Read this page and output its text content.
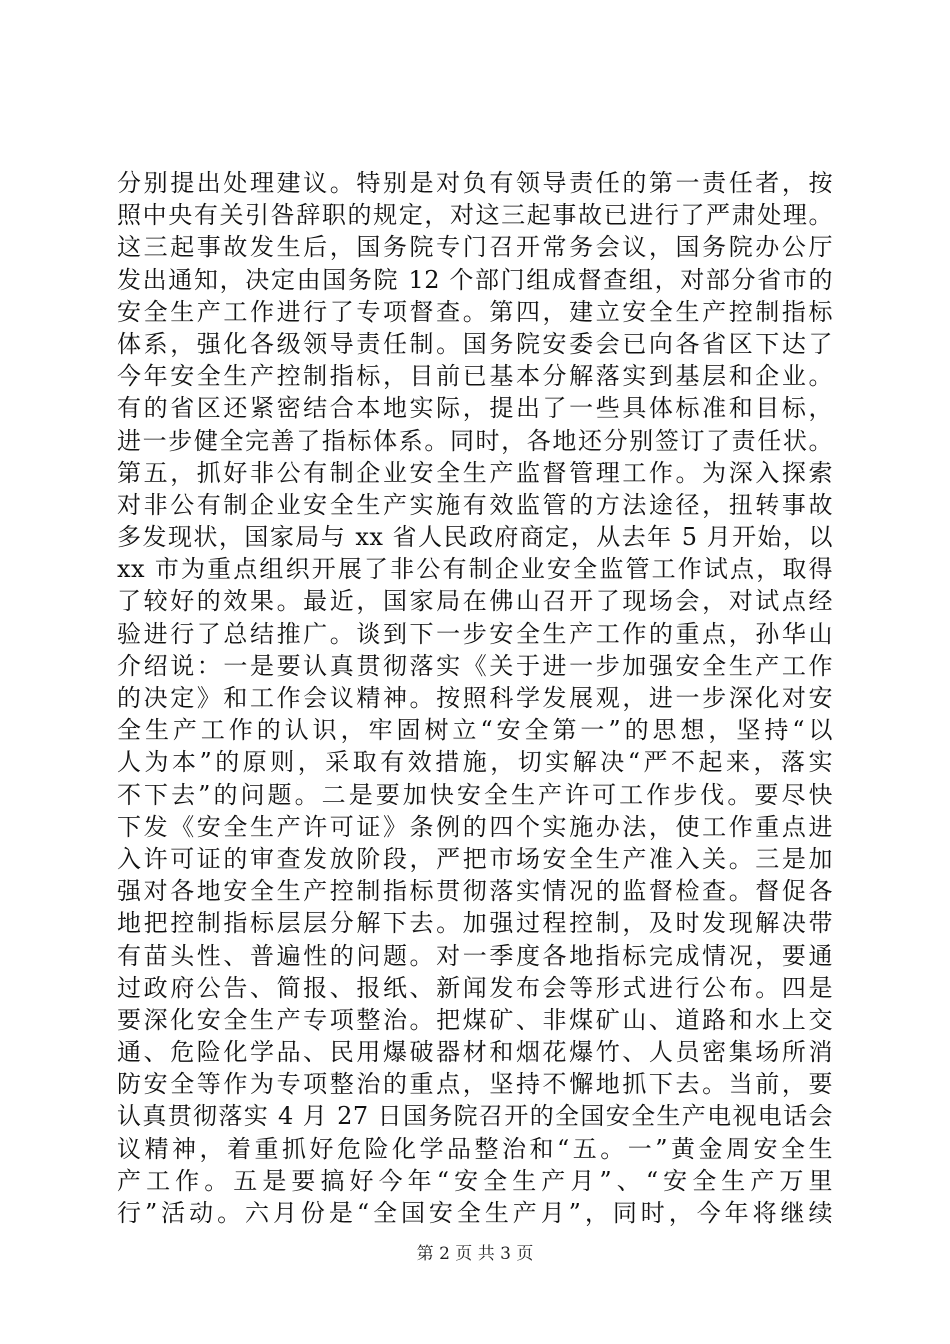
分别提出处理建议。特别是对负有领导责任的第一责任者，按
照中央有关引咎辞职的规定，对这三起事故已进行了严肃处理。
这三起事故发生后，国务院专门召开常务会议，国务院办公厅
发出通知，决定由国务院 12 个部门组成督查组，对部分省市的
安全生产工作进行了专项督查。第四，建立安全生产控制指标
体系，强化各级领导责任制。国务院安委会已向各省区下达了
今年安全生产控制指标，目前已基本分解落实到基层和企业。
有的省区还紧密结合本地实际，提出了一些具体标准和目标，
进一步健全完善了指标体系。同时，各地还分别签订了责任状。
第五，抓好非公有制企业安全生产监督管理工作。为深入探索
对非公有制企业安全生产实施有效监管的方法途径，扭转事故
多发现状，国家局与 xx 省人民政府商定，从去年 5 月开始，以
xx 市为重点组织开展了非公有制企业安全监管工作试点，取得
了较好的效果。最近，国家局在佛山召开了现场会，对试点经
验进行了总结推广。谈到下一步安全生产工作的重点，孙华山
介绍说：一是要认真贯彻落实《关于进一步加强安全生产工作
的决定》和工作会议精神。按照科学发展观，进一步深化对安
全生产工作的认识，牢固树立“安全第一”的思想，坚持“以
人为本”的原则，采取有效措施，切实解决“严不起来，落实
不下去”的问题。二是要加快安全生产许可工作步伐。要尽快
下发《安全生产许可证》条例的四个实施办法，使工作重点进
入许可证的审查发放阶段，严把市场安全生产准入关。三是加
强对各地安全生产控制指标贯彻落实情况的监督检查。督促各
地把控制指标层层分解下去。加强过程控制，及时发现解决带
有苗头性、普遍性的问题。对一季度各地指标完成情况，要通
过政府公告、简报、报纸、新闻发布会等形式进行公布。四是
要深化安全生产专项整治。把煤矿、非煤矿山、道路和水上交
通、危险化学品、民用爆破器材和烟花爆竹、人员密集场所消
防安全等作为专项整治的重点，坚持不懈地抓下去。当前，要
认真贯彻落实 4 月 27 日国务院召开的全国安全生产电视电话会
议精神，着重抓好危险化学品整治和“五。一”黄金周安全生
产工作。五是要搞好今年“安全生产月”、“安全生产万里
行”活动。六月份是“全国安全生产月”，同时，今年将继续
第 2 页 共 3 页
